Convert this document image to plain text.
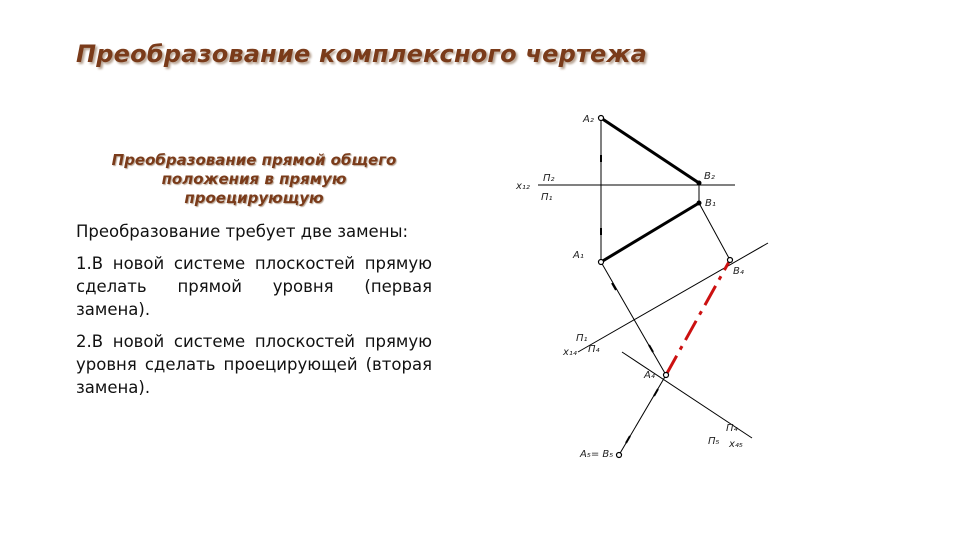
Преобразование комплексного чертежа
Преобразование прямой общего
положения в прямую
проецирующую

Преобразование требует две замены:

1.В новой системе плоскостей прямую сделать прямой уровня (первая замена).

2.В новой системе плоскостей прямую уровня сделать проецирующей (вторая замена).

A₂
B₂
B₁
A₁
B₄
A₄
A₅= B₅
x₁₂
П₂
П₁
П₁
x₁₄ П₄
П₄
П₅ x₄₅
